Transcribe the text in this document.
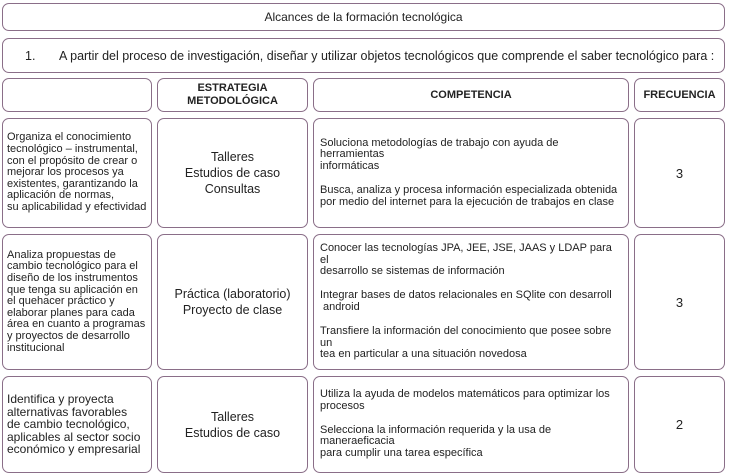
Alcances de la formación tecnológica
1.	A partir del proceso de investigación, diseñar y utilizar objetos tecnológicos que comprende el saber tecnológico para :
ESTRATEGIA
METODOLÓGICA
COMPETENCIA	FRECUENCIA
Organiza el conocimiento
tecnológico – instrumental,
con el propósito de crear o
mejorar los procesos ya
existentes, garantizando la
aplicación de normas,
su aplicabilidad y efectividad
Talleres
Estudios de caso
Consultas

Soluciona metodologías de trabajo con ayuda de herramientas
informáticas

Busca, analiza y procesa información especializada obtenida
por medio del internet para la ejecución de trabajos en clase

3
Analiza propuestas de
cambio tecnológico para el
diseño de los instrumentos
que tenga su aplicación en
el quehacer práctico y
elaborar planes para cada
área en cuanto a programas
y proyectos de desarrollo
institucional
Práctica (laboratorio)
Proyecto de clase

Conocer las tecnologías JPA, JEE, JSE, JAAS y LDAP para el
desarrollo se sistemas de información

Integrar bases de datos relacionales en SQlite con desarroll
android

Transfiere la información del conocimiento que posee sobre un
tea en particular a una situación novedosa

3
Identifica y proyecta
alternativas favorables
de cambio tecnológico,
aplicables al sector socio
económico y empresarial
Talleres
Estudios de caso

Utiliza la ayuda de modelos matemáticos para optimizar los
procesos

Selecciona la información requerida y la usa de maneraeficacia
para cumplir una tarea específica

2
